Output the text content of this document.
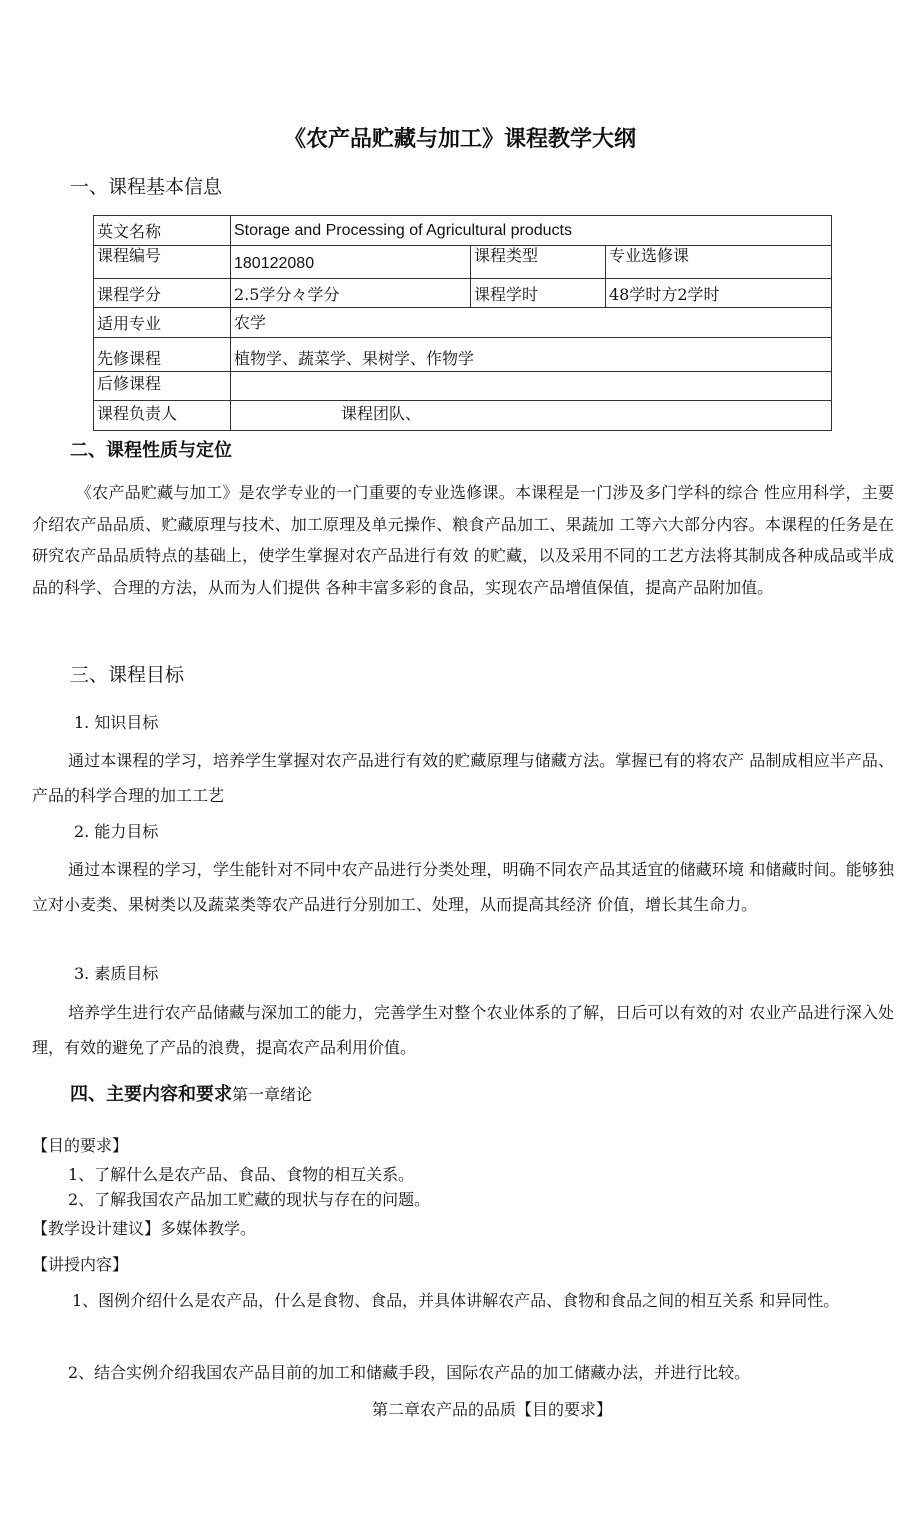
《农产品贮藏与加工》课程教学大纲
一、课程基本信息
英文名称	Storage and Processing of Agricultural products		
课程编号	180122080	课程类型	专业选修课
课程学分	2.5学分々学分	课程学时	48学时方2学时
适用专业	农学		
先修课程	植物学、蔬菜学、果树学、作物学		
后修课程			
课程负责人	课程团队、		
二、课程性质与定位

《农产品贮藏与加工》是农学专业的一门重要的专业选修课。本课程是一门涉及多门学科的综合 性应用科学，主要介绍农产品品质、贮藏原理与技术、加工原理及单元操作、粮食产品加工、果蔬加 工等六大部分内容。本课程的任务是在研究农产品品质特点的基础上，使学生掌握对农产品进行有效 的贮藏，以及采用不同的工艺方法将其制成各种成品或半成品的科学、合理的方法，从而为人们提供 各种丰富多彩的食品，实现农产品增值保值，提高产品附加值。

三、课程目标

1. 知识目标

通过本课程的学习，培养学生掌握对农产品进行有效的贮藏原理与储藏方法。掌握已有的将农产 品制成相应半产品、产品的科学合理的加工工艺

2. 能力目标

通过本课程的学习，学生能针对不同中农产品进行分类处理，明确不同农产品其适宜的储藏环境 和储藏时间。能够独立对小麦类、果树类以及蔬菜类等农产品进行分别加工、处理，从而提高其经济 价值，增长其生命力。

3. 素质目标

培养学生进行农产品储藏与深加工的能力，完善学生对整个农业体系的了解，日后可以有效的对 农业产品进行深入处理，有效的避免了产品的浪费，提高农产品利用价值。

四、主要内容和要求第一章绪论

【目的要求】

1、了解什么是农产品、食品、食物的相互关系。

2、了解我国农产品加工贮藏的现状与存在的问题。

【教学设计建议】多媒体教学。

【讲授内容】

1、图例介绍什么是农产品，什么是食物、食品，并具体讲解农产品、食物和食品之间的相互关系 和异同性。

2、结合实例介绍我国农产品目前的加工和储藏手段，国际农产品的加工储藏办法，并进行比较。

第二章农产品的品质【目的要求】
